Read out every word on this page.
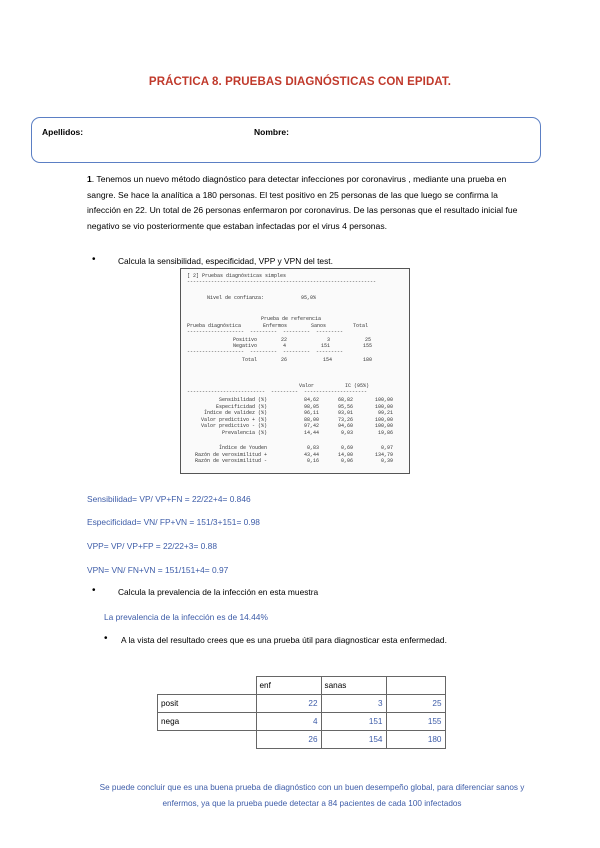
PRÁCTICA 8. PRUEBAS DIAGNÓSTICAS CON EPIDAT.
Apellidos:	Nombre:
1. Tenemos un nuevo método diagnóstico para detectar infecciones por coronavirus , mediante una prueba en sangre. Se hace la analítica a 180 personas. El test positivo en 25 personas de las que luego se confirma la infección en 22. Un total de 26 personas enfermaron por coronavirus. De las personas que el resultado inicial fue negativo se vio posteriormente que estaban infectadas por el virus 4 personas.
•	Calcula la sensibilidad, especificidad, VPP y VPN del test.
[ 2] Pruebas diagnósticas simples
---------------------------------------------------------------
Nivel de confianza:	95,0%
Prueba de referencia
Prueba diagnóstica	Enfermos	Sanos	Total
-------------------  ---------  ---------  ---------
Positivo	22	3	25
Negativo	4	151	155
-------------------  ---------  ---------  ---------
Total	26	154	180
Valor	IC (95%)
--------------------------  ---------  ---------------------
Sensibilidad (%)	84,62	68,82	100,00
Especificidad (%)	98,05	95,56	100,00
Índice de validez (%)	96,11	93,01	99,21
Valor predictivo + (%)	88,00	73,26	100,00
Valor predictivo - (%)	97,42	94,60	100,00
Prevalencia (%)	14,44	9,03	19,86
Índice de Youden	0,83	0,69	0,97
Razón de verosimilitud +	43,44	14,00	134,79
Razón de verosimilitud -	0,16	0,06	0,39
Sensibilidad= VP/ VP+FN = 22/22+4= 0.846
Especificidad= VN/ FP+VN = 151/3+151= 0.98
VPP= VP/ VP+FP = 22/22+3= 0.88
VPN= VN/ FN+VN = 151/151+4= 0.97
•	Calcula la prevalencia de la infección en esta muestra
La prevalencia de la infección es de 14.44%
• A la vista del resultado crees que es una prueba útil para diagnosticar esta enfermedad.
	enf	sanas	
posit	22	3	25
nega	4	151	155
	26	154	180
Se puede concluir que es una buena prueba de diagnóstico con un buen desempeño global, para diferenciar sanos y enfermos, ya que la prueba puede detectar a 84 pacientes de cada 100 infectados
